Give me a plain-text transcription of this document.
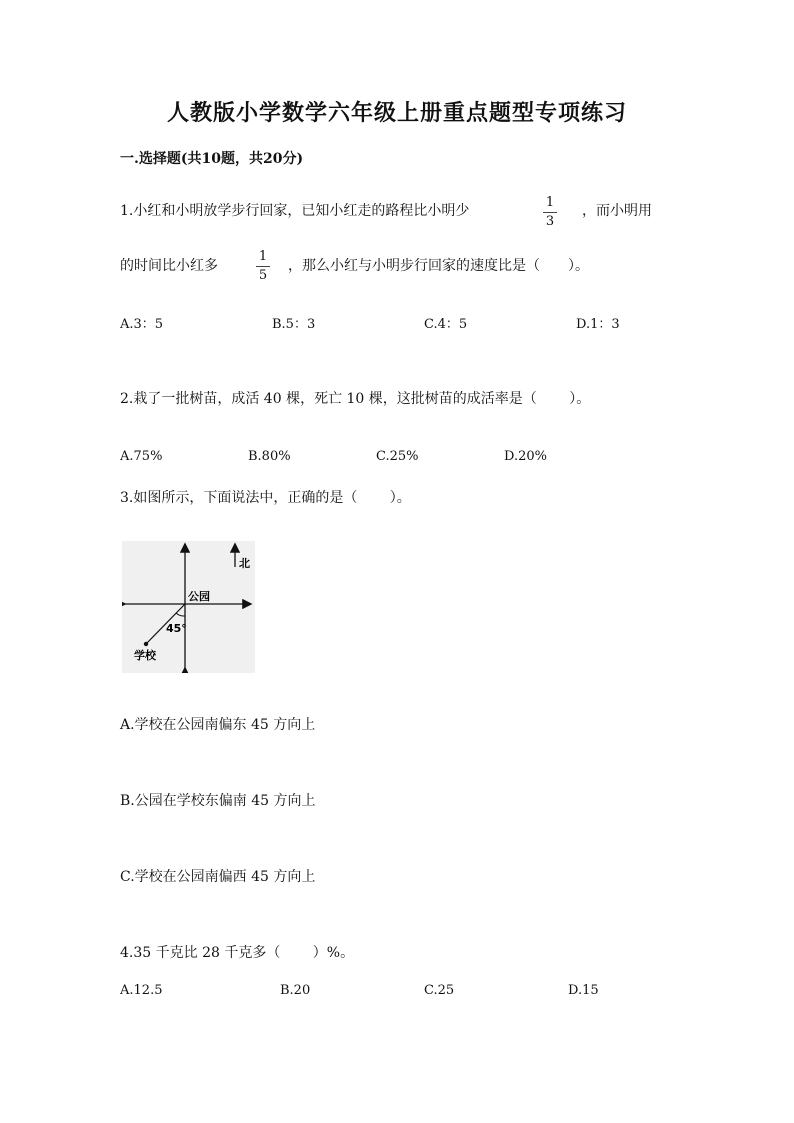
人教版小学数学六年级上册重点题型专项练习
一.选择题(共10题，共20分)
1.小红和小明放学步行回家，已知小红走的路程比小明少
1
3
，而小明用
的时间比小红多
1
5
，那么小红与小明步行回家的速度比是（　　）。
A.3：5	B.5：3	C.4：5	D.1：3
2.栽了一批树苗，成活 40 棵，死亡 10 棵，这批树苗的成活率是（　　 ）。
A.75%	B.80%	C.25%	D.20%
3.如图所示，下面说法中，正确的是（　　 ）。
北
公园
45°
学校
A.学校在公园南偏东 45 方向上
B.公园在学校东偏南 45 方向上
C.学校在公园南偏西 45 方向上
4.35 千克比 28 千克多（　　 ）%。
A.12.5	B.20	C.25	D.15
